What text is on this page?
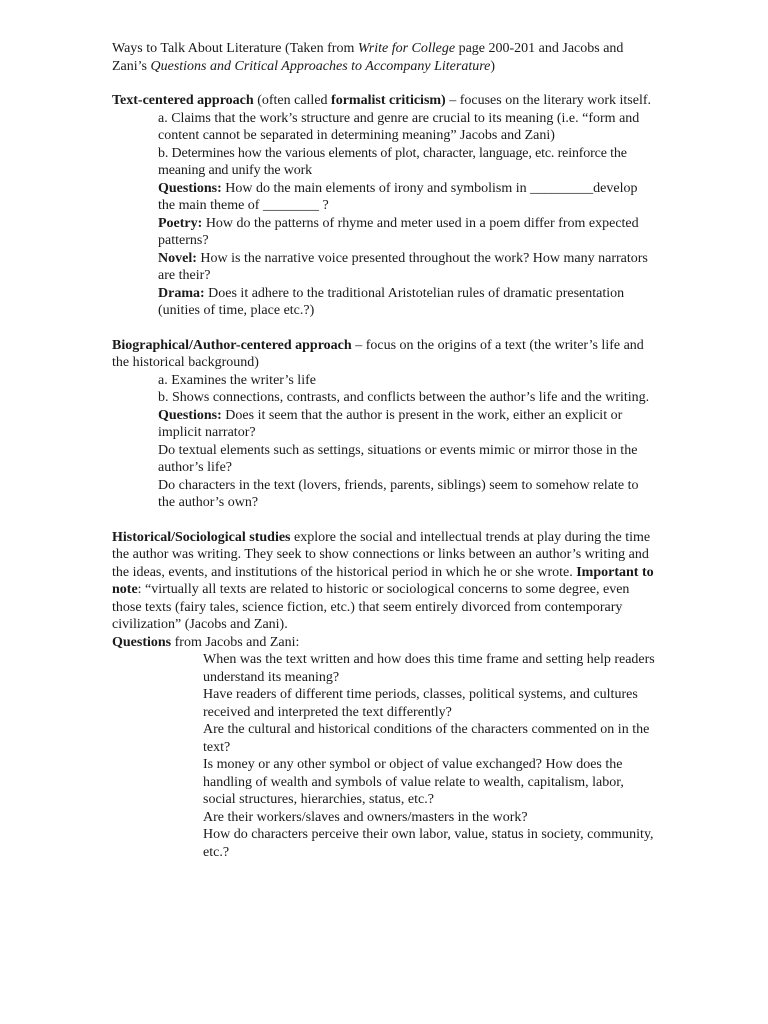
Ways to Talk About Literature (Taken from Write for College page 200-201 and Jacobs and Zani’s Questions and Critical Approaches to Accompany Literature)

Text-centered approach (often called formalist criticism) – focuses on the literary work itself.

a. Claims that the work’s structure and genre are crucial to its meaning (i.e. “form and content cannot be separated in determining meaning” Jacobs and Zani)

b. Determines how the various elements of plot, character, language, etc. reinforce the meaning and unify the work

Questions: How do the main elements of irony and symbolism in _________develop the main theme of ________ ?

Poetry: How do the patterns of rhyme and meter used in a poem differ from expected patterns?

Novel: How is the narrative voice presented throughout the work? How many narrators are their?

Drama: Does it adhere to the traditional Aristotelian rules of dramatic presentation (unities of time, place etc.?)

Biographical/Author-centered approach – focus on the origins of a text (the writer’s life and the historical background)

a. Examines the writer’s life

b. Shows connections, contrasts, and conflicts between the author’s life and the writing.

Questions: Does it seem that the author is present in the work, either an explicit or implicit narrator?

Do textual elements such as settings, situations or events mimic or mirror those in the author’s life?

Do characters in the text (lovers, friends, parents, siblings) seem to somehow relate to the author’s own?

Historical/Sociological studies explore the social and intellectual trends at play during the time the author was writing. They seek to show connections or links between an author’s writing and the ideas, events, and institutions of the historical period in which he or she wrote. Important to note: “virtually all texts are related to historic or sociological concerns to some degree, even those texts (fairy tales, science fiction, etc.) that seem entirely divorced from contemporary civilization” (Jacobs and Zani).

Questions from Jacobs and Zani:

When was the text written and how does this time frame and setting help readers understand its meaning?

Have readers of different time periods, classes, political systems, and cultures received and interpreted the text differently?

Are the cultural and historical conditions of the characters commented on in the text?

Is money or any other symbol or object of value exchanged? How does the handling of wealth and symbols of value relate to wealth, capitalism, labor, social structures, hierarchies, status, etc.?

Are their workers/slaves and owners/masters in the work?

How do characters perceive their own labor, value, status in society, community, etc.?
